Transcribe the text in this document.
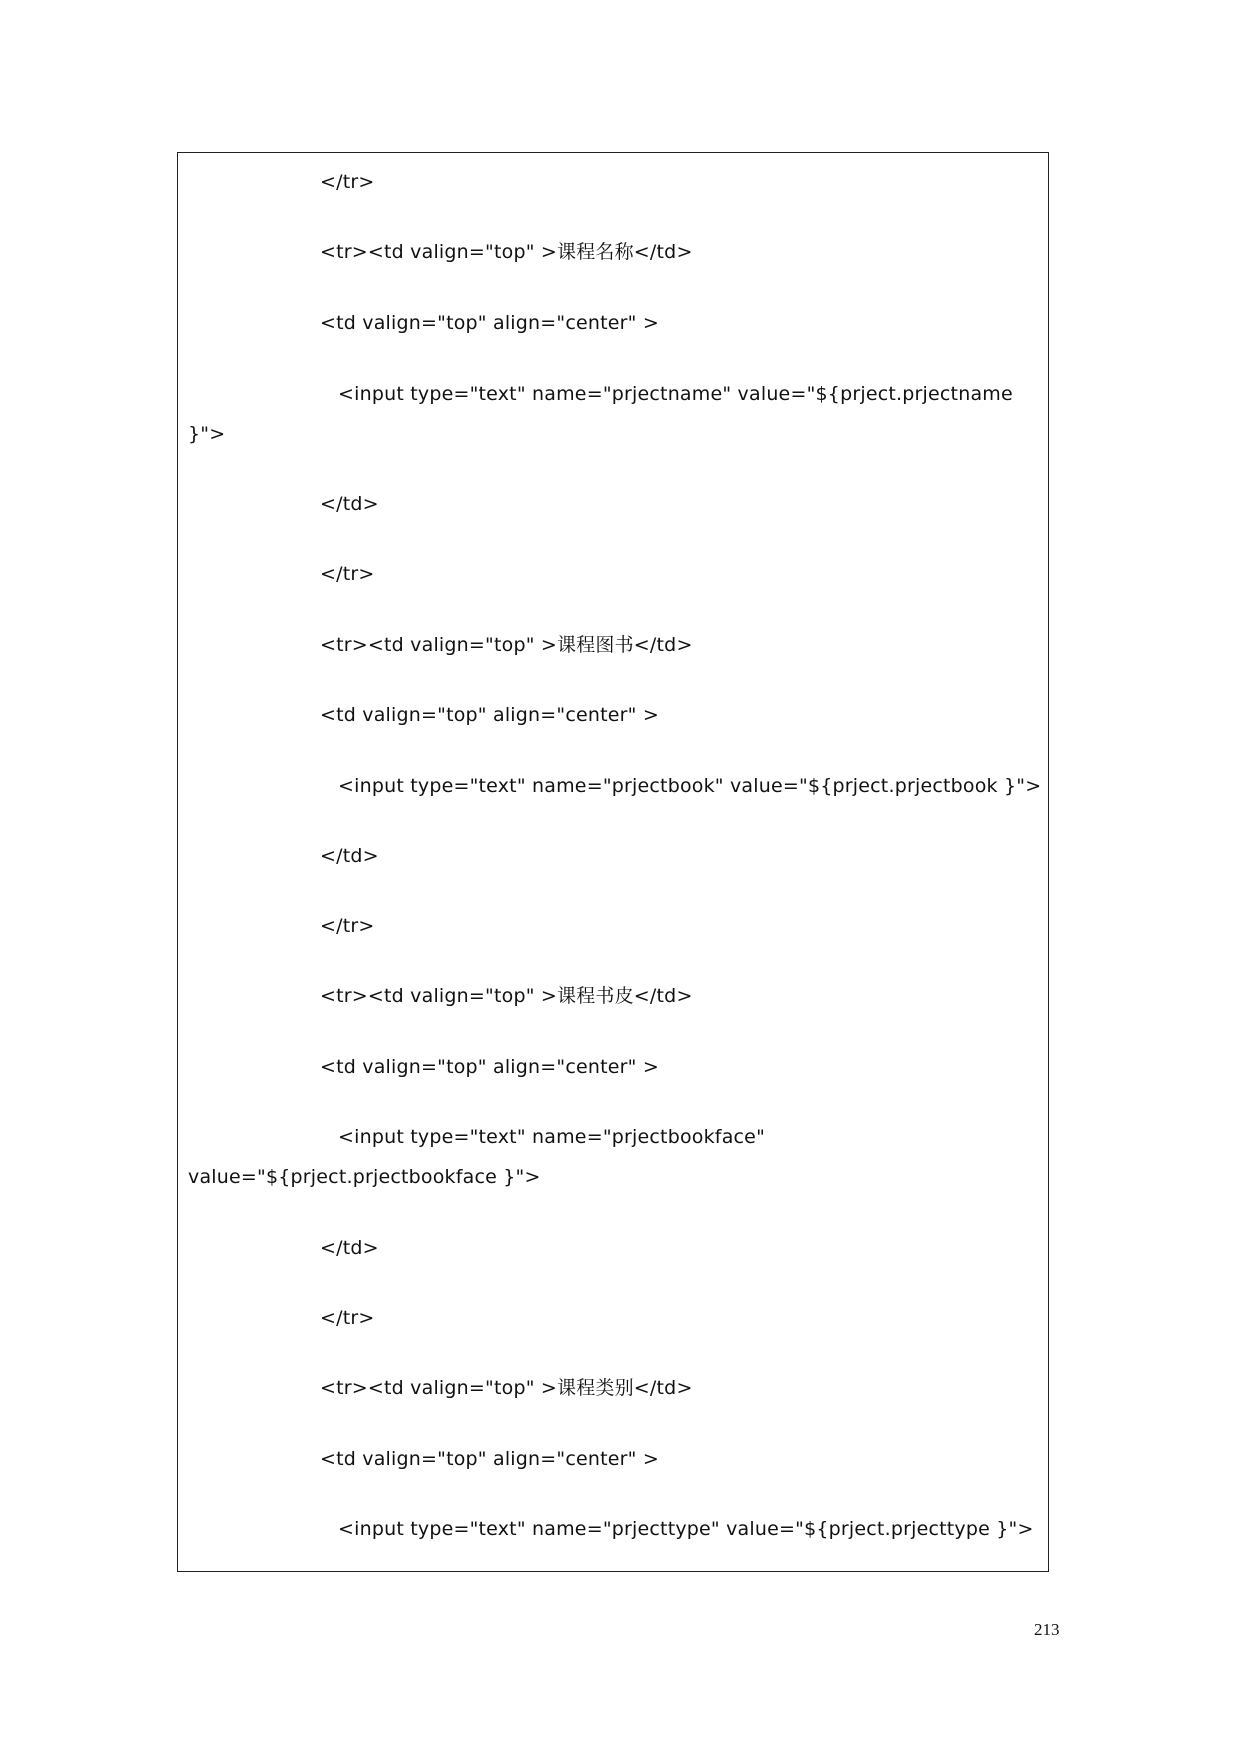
</tr>
<tr><td valign="top" >课程名称</td>
<td valign="top" align="center" >
<input type="text" name="prjectname" value="${prject.prjectname
}">
</td>
</tr>
<tr><td valign="top" >课程图书</td>
<td valign="top" align="center" >
<input type="text" name="prjectbook" value="${prject.prjectbook }">
</td>
</tr>
<tr><td valign="top" >课程书皮</td>
<td valign="top" align="center" >
<input type="text" name="prjectbookface"
value="${prject.prjectbookface }">
</td>
</tr>
<tr><td valign="top" >课程类别</td>
<td valign="top" align="center" >
<input type="text" name="prjecttype" value="${prject.prjecttype }">
213
